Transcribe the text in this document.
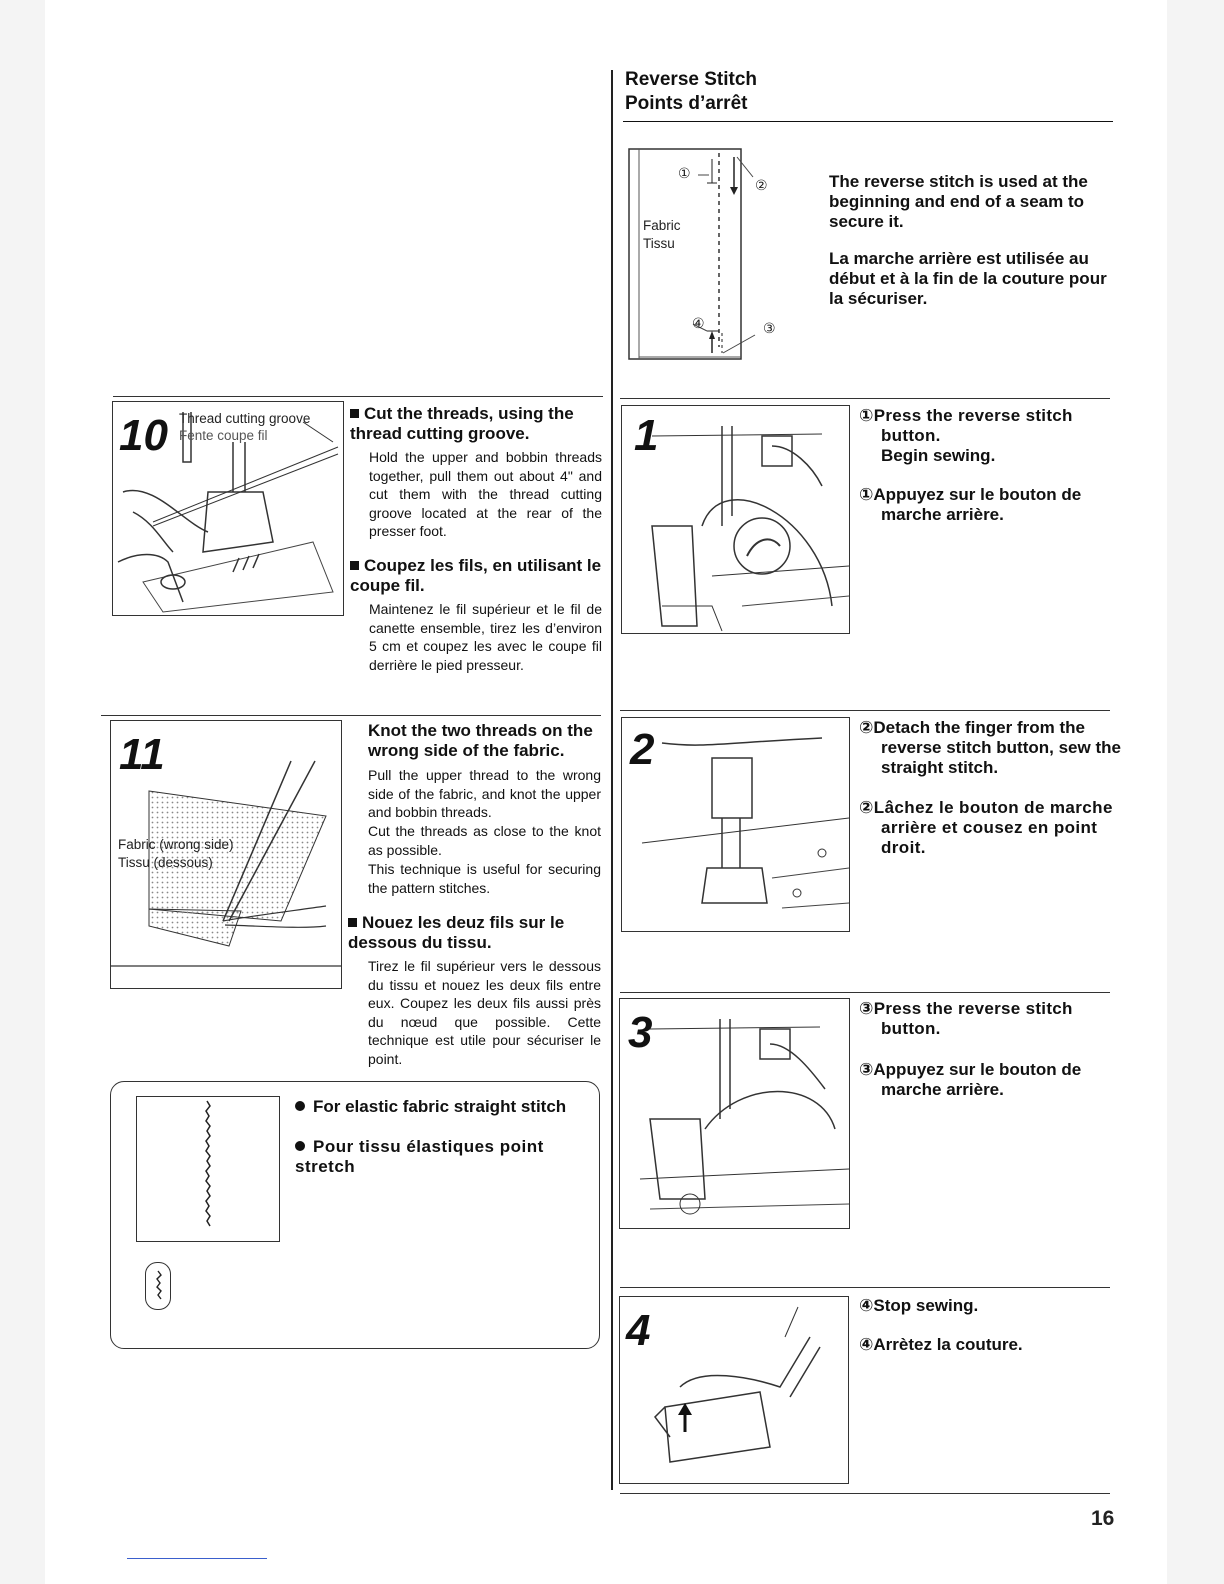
Reverse Stitch
Points d’arrêt
①
②
④	③
Fabric
Tissu
The reverse stitch is used at the beginning and end of a seam to secure it.
La marche arrière est utilisée au début et à la fin de la couture pour la sécuriser.
10 Thread cutting groove
Fente coupe fil
Cut the threads, using the thread cutting groove.
Hold the upper and bobbin threads together, pull them out about 4" and cut them with the thread cutting groove located at the rear of the presser foot.
Coupez les fils, en utilisant le coupe fil.
Maintenez le fil supérieur et le fil de canette ensemble, tirez les d’environ 5 cm et coupez les avec le coupe fil derrière le pied presseur.
11
Fabric (wrong side)
Tissu (dessous)
Knot the two threads on the wrong side of the fabric.
Pull the upper thread to the wrong side of the fabric, and knot the upper and bobbin threads.
Cut the threads as close to the knot as possible.
This technique is useful for securing the pattern stitches.
Nouez les deuz fils sur le dessous du tissu.
Tirez le fil supérieur vers le dessous du tissu et nouez les deux fils entre eux. Coupez les deux fils aussi près du nœud que possible. Cette technique est utile pour sécuriser le point.
For elastic fabric straight stitch
Pour tissu élastiques point stretch
1	①Press the reverse stitch button.
Begin sewing.
①Appuyez sur le bouton de marche arrière.
2	②Detach the finger from the reverse stitch button, sew the straight stitch.
②Lâchez le bouton de marche arrière et cousez en point droit.
3	③Press the reverse stitch button.
③Appuyez sur le bouton de marche arrière.
4
④Stop sewing.
④Arrètez la couture.
16
